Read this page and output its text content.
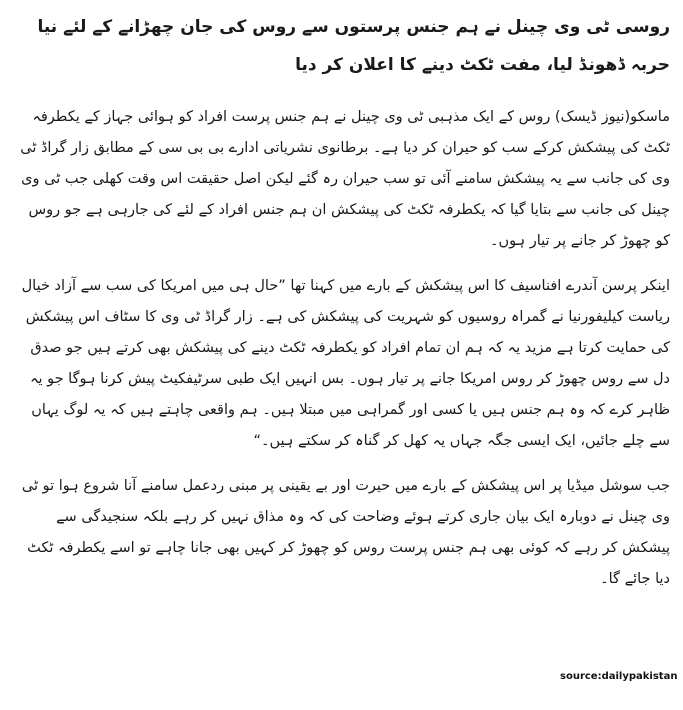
روسی ٹی وی چینل نے ہم جنس پرستوں سے روس کی جان چھڑانے کے لئے نیا حربہ ڈھونڈ لیا، مفت ٹکٹ دینے کا اعلان کر دیا

ماسکو(نیوز ڈیسک) روس کے ایک مذہبی ٹی وی چینل نے ہم جنس پرست افراد کو ہوائی جہاز کے یکطرفہ ٹکٹ کی پیشکش کرکے سب کو حیران کر دیا ہے۔ برطانوی نشریاتی ادارے بی بی سی کے مطابق زار گراڈ ٹی وی کی جانب سے یہ پیشکش سامنے آئی تو سب حیران رہ گئے لیکن اصل حقیقت اس وقت کھلی جب ٹی وی چینل کی جانب سے بتایا گیا کہ یکطرفہ ٹکٹ کی پیشکش ان ہم جنس افراد کے لئے کی جارہی ہے جو روس کو چھوڑ کر جانے پر تیار ہوں۔

اینکر پرسن آندرے افناسیف کا اس پیشکش کے بارے میں کہنا تھا ”حال ہی میں امریکا کی سب سے آزاد خیال ریاست کیلیفورنیا نے گمراہ روسیوں کو شہریت کی پیشکش کی ہے۔ زار گراڈ ٹی وی کا سٹاف اس پیشکش کی حمایت کرتا ہے مزید یہ کہ ہم ان تمام افراد کو یکطرفہ ٹکٹ دینے کی پیشکش بھی کرتے ہیں جو صدق دل سے روس چھوڑ کر روس امریکا جانے پر تیار ہوں۔ بس انہیں ایک طبی سرٹیفکیٹ پیش کرنا ہوگا جو یہ ظاہر کرے کہ وہ ہم جنس ہیں یا کسی اور گمراہی میں مبتلا ہیں۔ ہم واقعی چاہتے ہیں کہ یہ لوگ یہاں سے چلے جائیں، ایک ایسی جگہ جہاں یہ کھل کر گناہ کر سکتے ہیں۔“

جب سوشل میڈیا پر اس پیشکش کے بارے میں حیرت اور بے یقینی پر مبنی ردعمل سامنے آنا شروع ہوا تو ٹی وی چینل نے دوبارہ ایک بیان جاری کرتے ہوئے وضاحت کی کہ وہ مذاق نہیں کر رہے بلکہ سنجیدگی سے پیشکش کر رہے کہ کوئی بھی ہم جنس پرست روس کو چھوڑ کر کہیں بھی جانا چاہے تو اسے یکطرفہ ٹکٹ دیا جائے گا۔

source:dailypakistan
